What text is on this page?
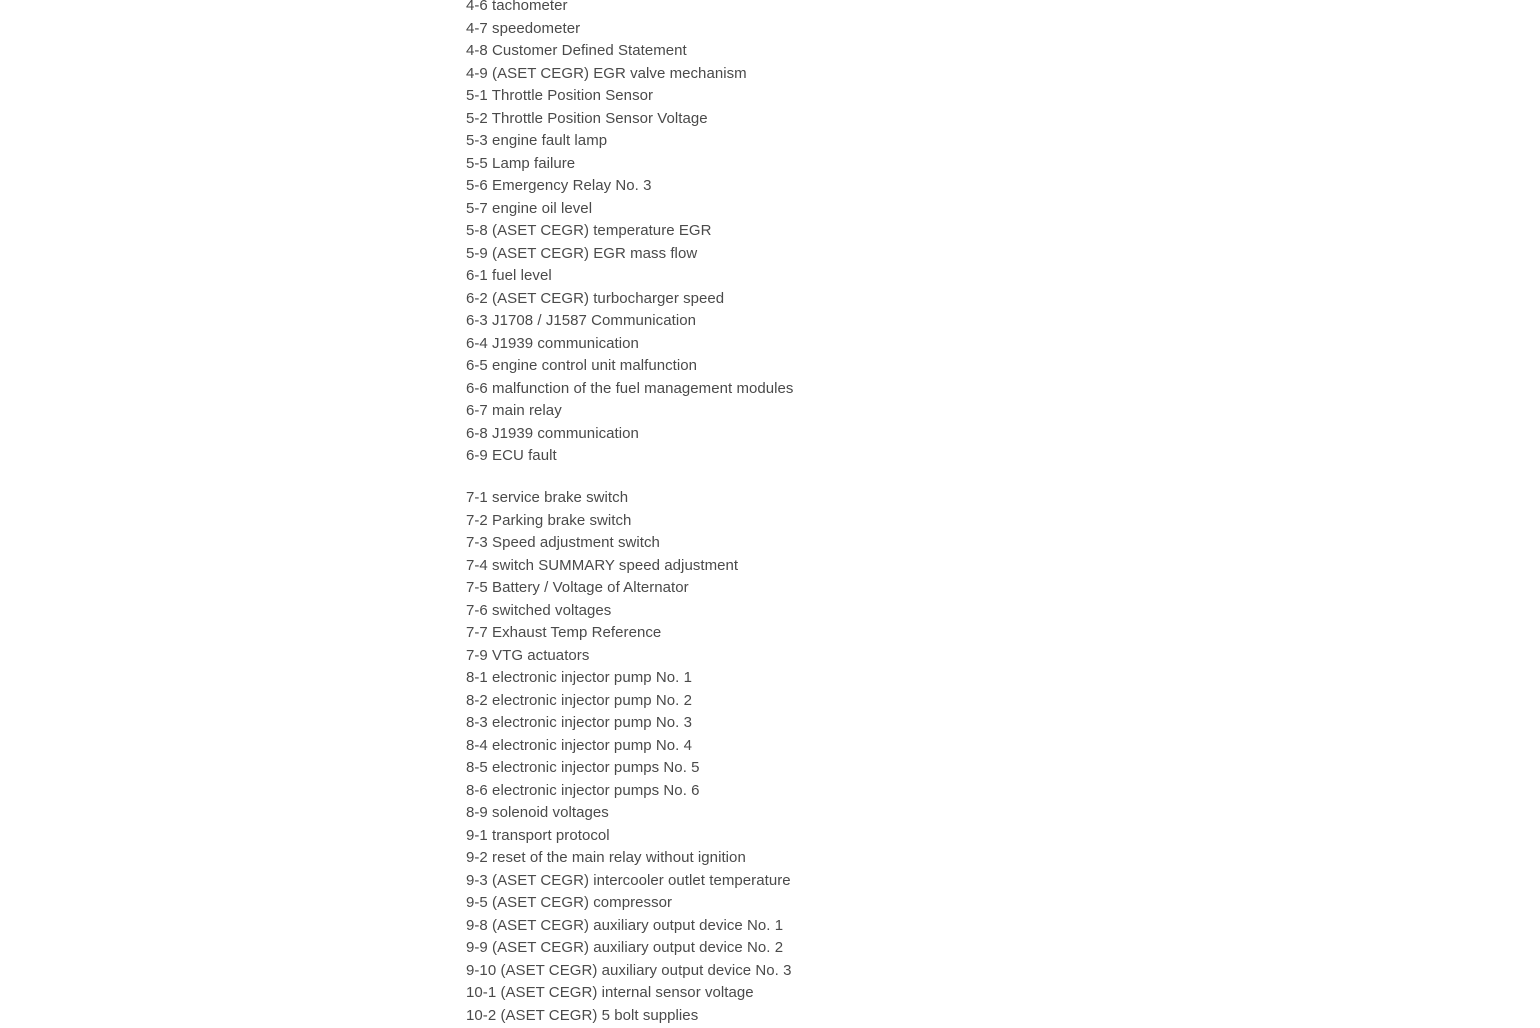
4-6 tachometer
4-7 speedometer
4-8 Customer Defined Statement
4-9 (ASET CEGR) EGR valve mechanism
5-1 Throttle Position Sensor
5-2 Throttle Position Sensor Voltage
5-3 engine fault lamp
5-5 Lamp failure
5-6 Emergency Relay No. 3
5-7 engine oil level
5-8 (ASET CEGR) temperature EGR
5-9 (ASET CEGR) EGR mass flow
6-1 fuel level
6-2 (ASET CEGR) turbocharger speed
6-3 J1708 / J1587 Communication
6-4 J1939 communication
6-5 engine control unit malfunction
6-6 malfunction of the fuel management modules
6-7 main relay
6-8 J1939 communication
6-9 ECU fault
7-1 service brake switch
7-2 Parking brake switch
7-3 Speed adjustment switch
7-4 switch SUMMARY speed adjustment
7-5 Battery / Voltage of Alternator
7-6 switched voltages
7-7 Exhaust Temp Reference
7-9 VTG actuators
8-1 electronic injector pump No. 1
8-2 electronic injector pump No. 2
8-3 electronic injector pump No. 3
8-4 electronic injector pump No. 4
8-5 electronic injector pumps No. 5
8-6 electronic injector pumps No. 6
8-9 solenoid voltages
9-1 transport protocol
9-2 reset of the main relay without ignition
9-3 (ASET CEGR) intercooler outlet temperature
9-5 (ASET CEGR) compressor
9-8 (ASET CEGR) auxiliary output device No. 1
9-9 (ASET CEGR) auxiliary output device No. 2
9-10 (ASET CEGR) auxiliary output device No. 3
10-1 (ASET CEGR) internal sensor voltage
10-2 (ASET CEGR) 5 bolt supplies
